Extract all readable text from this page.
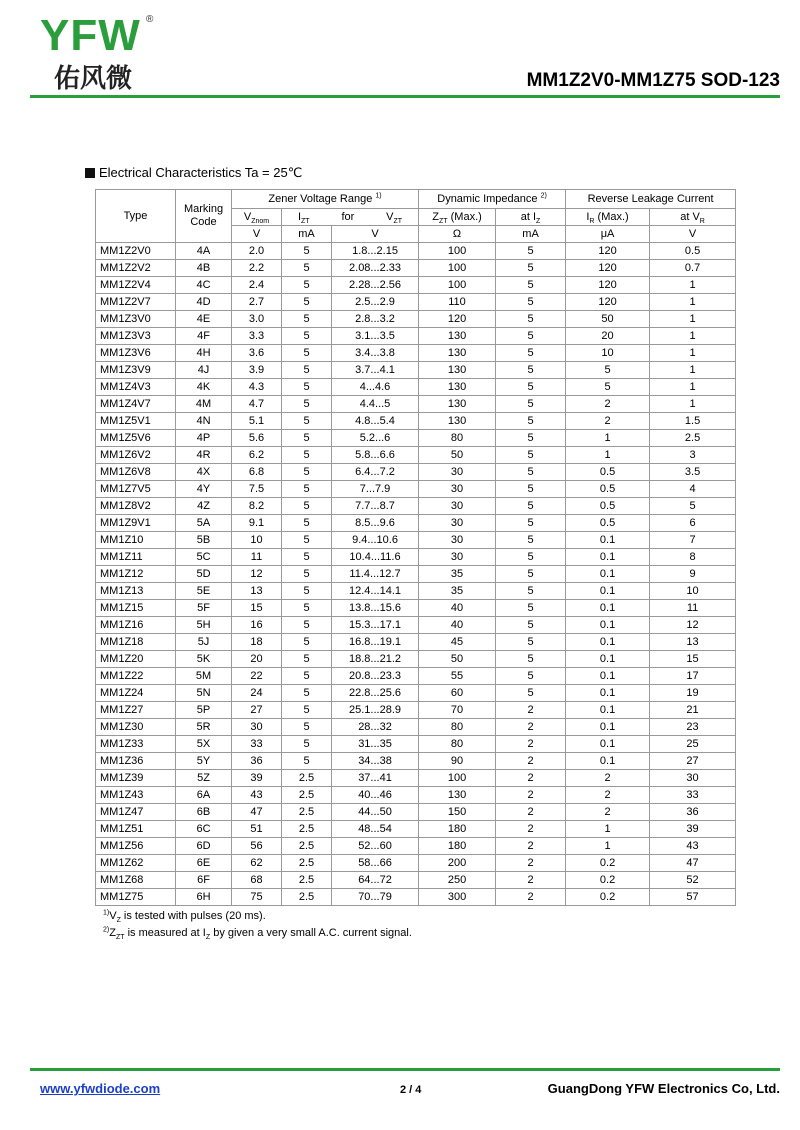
YFW ®
佑风微	MM1Z2V0-MM1Z75 SOD-123
Electrical Characteristics Ta = 25℃
Type	Marking Code	Zener Voltage Range $^{1)}$			Dynamic Impedance $^{2)}$		Reverse Leakage Current	
		$V_{Znom}$	$I_{ZT}$ for $V_{ZT}$		$Z_{ZT}$ (Max.)	at $I_Z$	$I_R$ (Max.)	at $V_R$
		V	mA	V	Ω	mA	μA	V
MM1Z2V0	4A	2.0	5	1.8...2.15	100	5	120	0.5
MM1Z2V2	4B	2.2	5	2.08...2.33	100	5	120	0.7
MM1Z2V4	4C	2.4	5	2.28...2.56	100	5	120	1
MM1Z2V7	4D	2.7	5	2.5...2.9	110	5	120	1
MM1Z3V0	4E	3.0	5	2.8...3.2	120	5	50	1
MM1Z3V3	4F	3.3	5	3.1...3.5	130	5	20	1
MM1Z3V6	4H	3.6	5	3.4...3.8	130	5	10	1
MM1Z3V9	4J	3.9	5	3.7...4.1	130	5	5	1
MM1Z4V3	4K	4.3	5	4...4.6	130	5	5	1
MM1Z4V7	4M	4.7	5	4.4...5	130	5	2	1
MM1Z5V1	4N	5.1	5	4.8...5.4	130	5	2	1.5
MM1Z5V6	4P	5.6	5	5.2...6	80	5	1	2.5
MM1Z6V2	4R	6.2	5	5.8...6.6	50	5	1	3
MM1Z6V8	4X	6.8	5	6.4...7.2	30	5	0.5	3.5
MM1Z7V5	4Y	7.5	5	7...7.9	30	5	0.5	4
MM1Z8V2	4Z	8.2	5	7.7...8.7	30	5	0.5	5
MM1Z9V1	5A	9.1	5	8.5...9.6	30	5	0.5	6
MM1Z10	5B	10	5	9.4...10.6	30	5	0.1	7
MM1Z11	5C	11	5	10.4...11.6	30	5	0.1	8
MM1Z12	5D	12	5	11.4...12.7	35	5	0.1	9
MM1Z13	5E	13	5	12.4...14.1	35	5	0.1	10
MM1Z15	5F	15	5	13.8...15.6	40	5	0.1	11
MM1Z16	5H	16	5	15.3...17.1	40	5	0.1	12
MM1Z18	5J	18	5	16.8...19.1	45	5	0.1	13
MM1Z20	5K	20	5	18.8...21.2	50	5	0.1	15
MM1Z22	5M	22	5	20.8...23.3	55	5	0.1	17
MM1Z24	5N	24	5	22.8...25.6	60	5	0.1	19
MM1Z27	5P	27	5	25.1...28.9	70	2	0.1	21
MM1Z30	5R	30	5	28...32	80	2	0.1	23
MM1Z33	5X	33	5	31...35	80	2	0.1	25
MM1Z36	5Y	36	5	34...38	90	2	0.1	27
MM1Z39	5Z	39	2.5	37...41	100	2	2	30
MM1Z43	6A	43	2.5	40...46	130	2	2	33
MM1Z47	6B	47	2.5	44...50	150	2	2	36
MM1Z51	6C	51	2.5	48...54	180	2	1	39
MM1Z56	6D	56	2.5	52...60	180	2	1	43
MM1Z62	6E	62	2.5	58...66	200	2	0.2	47
MM1Z68	6F	68	2.5	64...72	250	2	0.2	52
MM1Z75	6H	75	2.5	70...79	300	2	0.2	57
$^{1)}V_Z$ is tested with pulses (20 ms).
$^{2)}Z_{ZT}$ is measured at $I_Z$ by given a very small A.C. current signal.
www.yfwdiode.com	2 / 4	GuangDong YFW Electronics Co, Ltd.
